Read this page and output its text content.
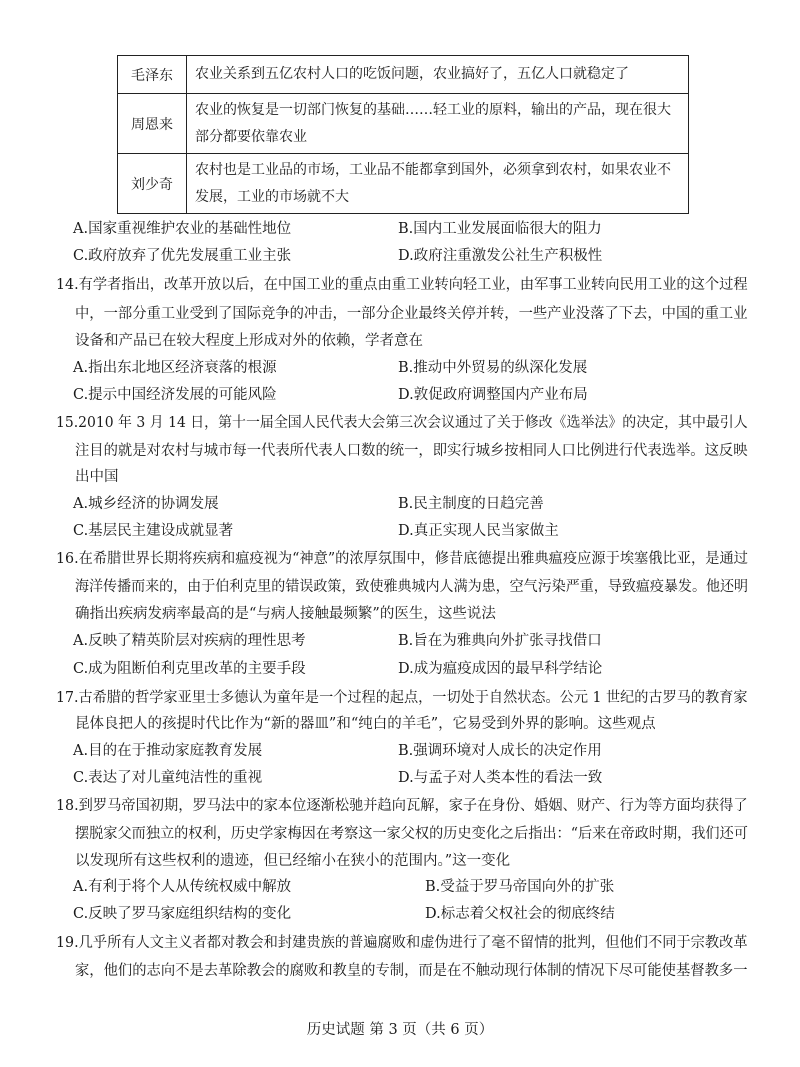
毛泽东	农业关系到五亿农村人口的吃饭问题，农业搞好了，五亿人口就稳定了

周恩来	农业的恢复是一切部门恢复的基础……轻工业的原料，输出的产品，现在很大
部分都要依靠农业

刘少奇	农村也是工业品的市场，工业品不能都拿到国外，必须拿到农村，如果农业不
发展，工业的市场就不大
A.国家重视维护农业的基础性地位	B.国内工业发展面临很大的阻力
C.政府放弃了优先发展重工业主张	D.政府注重激发公社生产积极性
14.有学者指出，改革开放以后，在中国工业的重点由重工业转向轻工业，由军事工业转向民用工业的这个过程
中，一部分重工业受到了国际竞争的冲击，一部分企业最终关停并转，一些产业没落了下去，中国的重工业
设备和产品已在较大程度上形成对外的依赖，学者意在
A.指出东北地区经济衰落的根源	B.推动中外贸易的纵深化发展
C.提示中国经济发展的可能风险	D.敦促政府调整国内产业布局
15.2010 年 3 月 14 日，第十一届全国人民代表大会第三次会议通过了关于修改《选举法》的决定，其中最引人
注目的就是对农村与城市每一代表所代表人口数的统一，即实行城乡按相同人口比例进行代表选举。这反映
出中国
A.城乡经济的协调发展	B.民主制度的日趋完善
C.基层民主建设成就显著	D.真正实现人民当家做主
16.在希腊世界长期将疾病和瘟疫视为“神意”的浓厚氛围中，修昔底德提出雅典瘟疫应源于埃塞俄比亚，是通过
海洋传播而来的，由于伯利克里的错误政策，致使雅典城内人满为患，空气污染严重，导致瘟疫暴发。他还明
确指出疾病发病率最高的是“与病人接触最频繁”的医生，这些说法
A.反映了精英阶层对疾病的理性思考	B.旨在为雅典向外扩张寻找借口
C.成为阻断伯利克里改革的主要手段	D.成为瘟疫成因的最早科学结论
17.古希腊的哲学家亚里士多德认为童年是一个过程的起点，一切处于自然状态。公元 1 世纪的古罗马的教育家
昆体良把人的孩提时代比作为“新的器皿”和“纯白的羊毛”，它易受到外界的影响。这些观点
A.目的在于推动家庭教育发展	B.强调环境对人成长的决定作用
C.表达了对儿童纯洁性的重视	D.与孟子对人类本性的看法一致
18.到罗马帝国初期，罗马法中的家本位逐渐松驰并趋向瓦解，家子在身份、婚姻、财产、行为等方面均获得了
摆脱家父而独立的权利，历史学家梅因在考察这一家父权的历史变化之后指出：“后来在帝政时期，我们还可
以发现所有这些权利的遗迹，但已经缩小在狭小的范围内。”这一变化
A.有利于将个人从传统权威中解放	B.受益于罗马帝国向外的扩张
C.反映了罗马家庭组织结构的变化	D.标志着父权社会的彻底终结
19.几乎所有人文主义者都对教会和封建贵族的普遍腐败和虚伪进行了毫不留情的批判，但他们不同于宗教改革
家，他们的志向不是去革除教会的腐败和教皇的专制，而是在不触动现行体制的情况下尽可能使基督教多一
历史试题 第 3 页（共 6 页）
